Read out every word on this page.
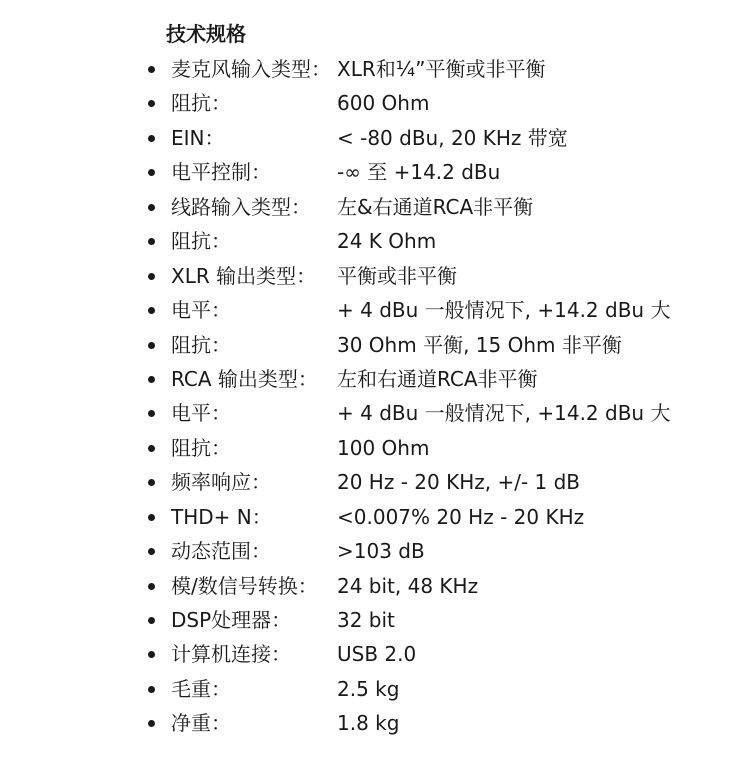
技术规格
麦克风输入类型： XLR和¼”平衡或非平衡
阻抗：	600 Ohm
EIN：	< -80 dBu, 20 KHz 带宽
电平控制：	-∞ 至 +14.2 dBu
线路输入类型： 左&右通道RCA非平衡
阻抗：	24 K Ohm
XLR 输出类型： 平衡或非平衡
电平：	+ 4 dBu 一般情况下, +14.2 dBu 大
阻抗：	30 Ohm 平衡, 15 Ohm 非平衡
RCA 输出类型： 左和右通道RCA非平衡
电平：	+ 4 dBu 一般情况下, +14.2 dBu 大
阻抗：	100 Ohm
频率响应：	20 Hz - 20 KHz, +/- 1 dB
THD+ N：	<0.007% 20 Hz - 20 KHz
动态范围：	>103 dB
模/数信号转换： 24 bit, 48 KHz
DSP处理器： 32 bit
计算机连接： USB 2.0
毛重：	2.5 kg
净重：	1.8 kg
